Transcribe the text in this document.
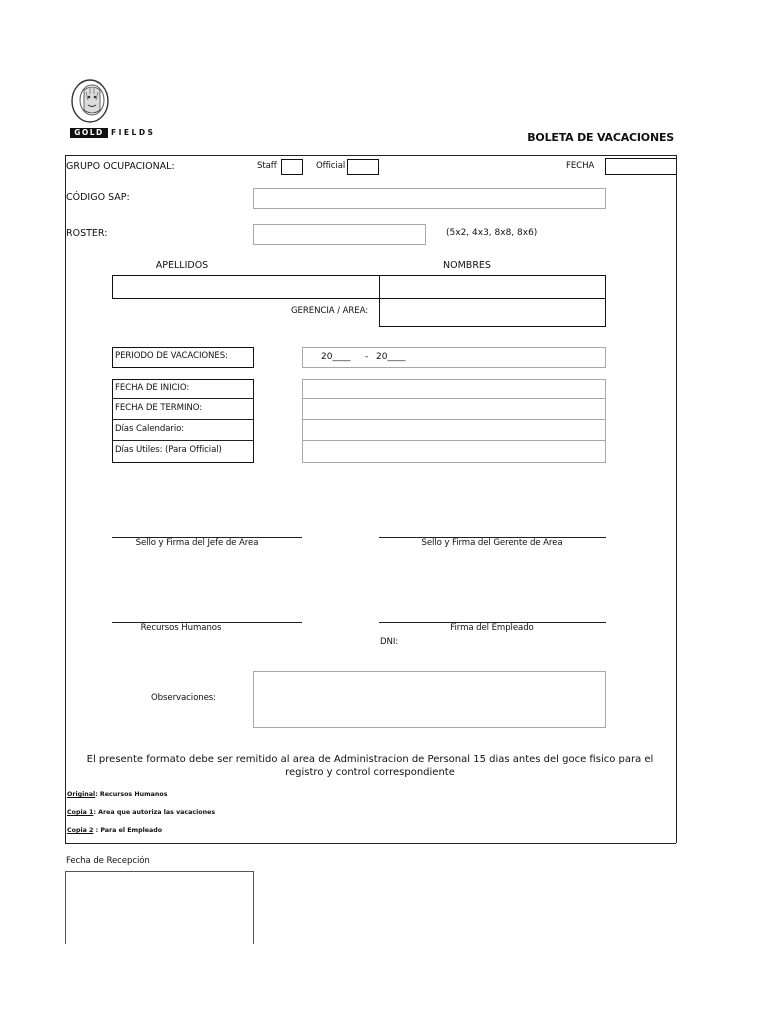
GOLD FIELDS	BOLETA DE VACACIONES
GRUPO OCUPACIONAL:	Staff	Official	FECHA
CÓDIGO SAP:
ROSTER:	(5x2, 4x3, 8x8, 8x6)
APELLIDOS	NOMBRES
GERENCIA / AREA:
PERIODO DE VACACIONES:	20____ - 20____
FECHA DE INICIO:
FECHA DE TERMINO:
Días Calendario:
Días Utiles: (Para Official)
Sello y Firma del Jefe de Area	Sello y Firma del Gerente de Area
Recursos Humanos	Firma del Empleado
DNI:
Observaciones:
El presente formato debe ser remitido al area de Administracion de Personal 15 dias antes del goce fisico para el
registro y control correspondiente
Original: Recursos Humanos
Copia 1: Area que autoriza las vacaciones
Copia 2 : Para el Empleado
Fecha de Recepción
